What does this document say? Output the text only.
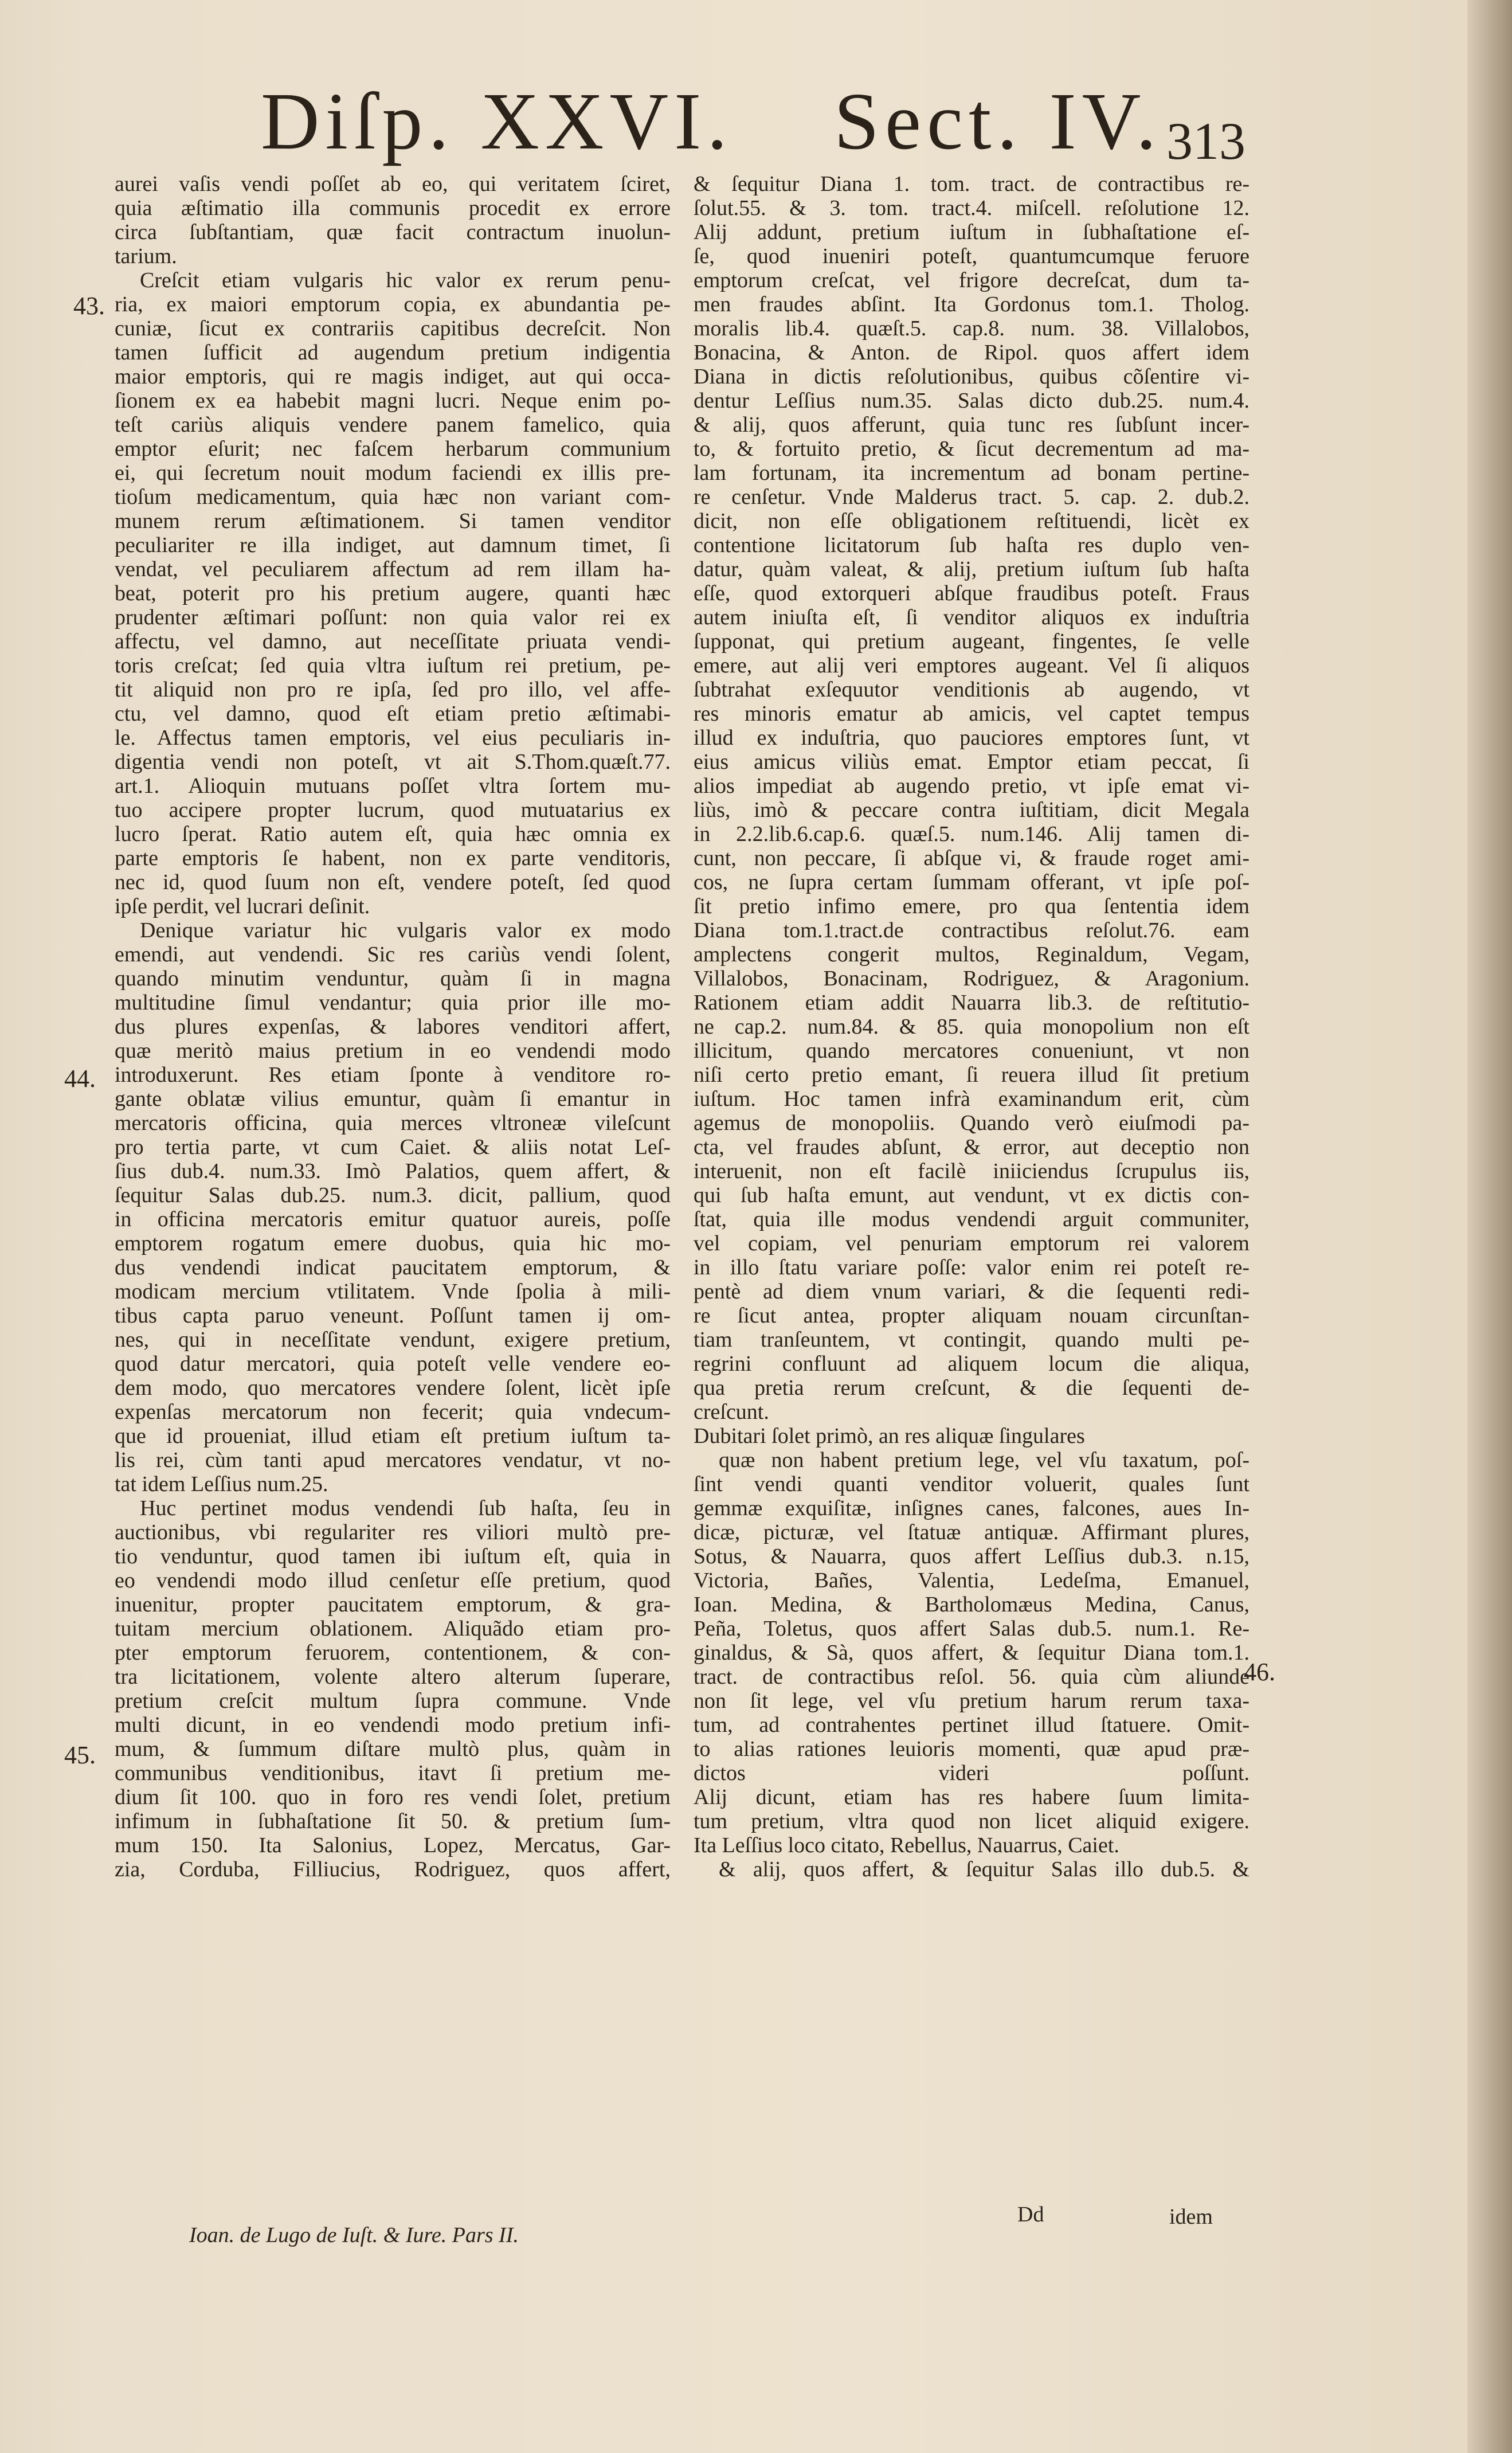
Diſp. XXVI. Sect. IV. 313
43.
44.
45.
46.
aurei vaſis vendi poſſet ab eo, qui veritatem ſciret,
quia æſtimatio illa communis procedit ex errore
circa ſubſtantiam, quæ facit contractum inuolun-
tarium.
Creſcit etiam vulgaris hic valor ex rerum penu-
ria, ex maiori emptorum copia, ex abundantia pe-
cuniæ, ſicut ex contrariis capitibus decreſcit. Non
tamen ſufficit ad augendum pretium indigentia
maior emptoris, qui re magis indiget, aut qui occa-
ſionem ex ea habebit magni lucri. Neque enim po-
teſt cariùs aliquis vendere panem famelico, quia
emptor eſurit; nec faſcem herbarum communium
ei, qui ſecretum nouit modum faciendi ex illis pre-
tioſum medicamentum, quia hæc non variant com-
munem rerum æſtimationem. Si tamen venditor
peculiariter re illa indiget, aut damnum timet, ſi
vendat, vel peculiarem affectum ad rem illam ha-
beat, poterit pro his pretium augere, quanti hæc
prudenter æſtimari poſſunt: non quia valor rei ex
affectu, vel damno, aut neceſſitate priuata vendi-
toris creſcat; ſed quia vltra iuſtum rei pretium, pe-
tit aliquid non pro re ipſa, ſed pro illo, vel affe-
ctu, vel damno, quod eſt etiam pretio æſtimabi-
le. Affectus tamen emptoris, vel eius peculiaris in-
digentia vendi non poteſt, vt ait S.Thom.quæſt.77.
art.1. Alioquin mutuans poſſet vltra ſortem mu-
tuo accipere propter lucrum, quod mutuatarius ex
lucro ſperat. Ratio autem eſt, quia hæc omnia ex
parte emptoris ſe habent, non ex parte venditoris,
nec id, quod ſuum non eſt, vendere poteſt, ſed quod
ipſe perdit, vel lucrari deſinit.
Denique variatur hic vulgaris valor ex modo
emendi, aut vendendi. Sic res cariùs vendi ſolent,
quando minutim venduntur, quàm ſi in magna
multitudine ſimul vendantur; quia prior ille mo-
dus plures expenſas, & labores venditori affert,
quæ meritò maius pretium in eo vendendi modo
introduxerunt. Res etiam ſponte à venditore ro-
gante oblatæ vilius emuntur, quàm ſi emantur in
mercatoris officina, quia merces vltroneæ vileſcunt
pro tertia parte, vt cum Caiet. & aliis notat Leſ-
ſius dub.4. num.33. Imò Palatios, quem affert, &
ſequitur Salas dub.25. num.3. dicit, pallium, quod
in officina mercatoris emitur quatuor aureis, poſſe
emptorem rogatum emere duobus, quia hic mo-
dus vendendi indicat paucitatem emptorum, &
modicam mercium vtilitatem. Vnde ſpolia à mili-
tibus capta paruo veneunt. Poſſunt tamen ij om-
nes, qui in neceſſitate vendunt, exigere pretium,
quod datur mercatori, quia poteſt velle vendere eo-
dem modo, quo mercatores vendere ſolent, licèt ipſe
expenſas mercatorum non fecerit; quia vndecum-
que id proueniat, illud etiam eſt pretium iuſtum ta-
lis rei, cùm tanti apud mercatores vendatur, vt no-
tat idem Leſſius num.25.
Huc pertinet modus vendendi ſub haſta, ſeu in
auctionibus, vbi regulariter res viliori multò pre-
tio venduntur, quod tamen ibi iuſtum eſt, quia in
eo vendendi modo illud cenſetur eſſe pretium, quod
inuenitur, propter paucitatem emptorum, & gra-
tuitam mercium oblationem. Aliquãdo etiam pro-
pter emptorum feruorem, contentionem, & con-
tra licitationem, volente altero alterum ſuperare,
pretium creſcit multum ſupra commune. Vnde
multi dicunt, in eo vendendi modo pretium infi-
mum, & ſummum diſtare multò plus, quàm in
communibus venditionibus, itavt ſi pretium me-
dium ſit 100. quo in foro res vendi ſolet, pretium
infimum in ſubhaſtatione ſit 50. & pretium ſum-
mum 150. Ita Salonius, Lopez, Mercatus, Gar-
zia, Corduba, Filliucius, Rodriguez, quos affert,
& ſequitur Diana 1. tom. tract. de contractibus re-
ſolut.55. & 3. tom. tract.4. miſcell. reſolutione 12.
Alij addunt, pretium iuſtum in ſubhaſtatione eſ-
ſe, quod inueniri poteſt, quantumcumque feruore
emptorum creſcat, vel frigore decreſcat, dum ta-
men fraudes abſint. Ita Gordonus tom.1. Tholog.
moralis lib.4. quæſt.5. cap.8. num. 38. Villalobos,
Bonacina, & Anton. de Ripol. quos affert idem
Diana in dictis reſolutionibus, quibus cõſentire vi-
dentur Leſſius num.35. Salas dicto dub.25. num.4.
& alij, quos afferunt, quia tunc res ſubſunt incer-
to, & fortuito pretio, & ſicut decrementum ad ma-
lam fortunam, ita incrementum ad bonam pertine-
re cenſetur. Vnde Malderus tract. 5. cap. 2. dub.2.
dicit, non eſſe obligationem reſtituendi, licèt ex
contentione licitatorum ſub haſta res duplo ven-
datur, quàm valeat, & alij, pretium iuſtum ſub haſta
eſſe, quod extorqueri abſque fraudibus poteſt. Fraus
autem iniuſta eſt, ſi venditor aliquos ex induſtria
ſupponat, qui pretium augeant, fingentes, ſe velle
emere, aut alij veri emptores augeant. Vel ſi aliquos
ſubtrahat exſequutor venditionis ab augendo, vt
res minoris ematur ab amicis, vel captet tempus
illud ex induſtria, quo pauciores emptores ſunt, vt
eius amicus viliùs emat. Emptor etiam peccat, ſi
alios impediat ab augendo pretio, vt ipſe emat vi-
liùs, imò & peccare contra iuſtitiam, dicit Megala
in 2.2.lib.6.cap.6. quæſ.5. num.146. Alij tamen di-
cunt, non peccare, ſi abſque vi, & fraude roget ami-
cos, ne ſupra certam ſummam offerant, vt ipſe poſ-
ſit pretio infimo emere, pro qua ſententia idem
Diana tom.1.tract.de contractibus reſolut.76. eam
amplectens congerit multos, Reginaldum, Vegam,
Villalobos, Bonacinam, Rodriguez, & Aragonium.
Rationem etiam addit Nauarra lib.3. de reſtitutio-
ne cap.2. num.84. & 85. quia monopolium non eſt
illicitum, quando mercatores conueniunt, vt non
niſi certo pretio emant, ſi reuera illud ſit pretium
iuſtum. Hoc tamen infrà examinandum erit, cùm
agemus de monopoliis. Quando verò eiuſmodi pa-
cta, vel fraudes abſunt, & error, aut deceptio non
interuenit, non eſt facilè iniiciendus ſcrupulus iis,
qui ſub haſta emunt, aut vendunt, vt ex dictis con-
ſtat, quia ille modus vendendi arguit communiter,
vel copiam, vel penuriam emptorum rei valorem
in illo ſtatu variare poſſe: valor enim rei poteſt re-
pentè ad diem vnum variari, & die ſequenti redi-
re ſicut antea, propter aliquam nouam circunſtan-
tiam tranſeuntem, vt contingit, quando multi pe-
regrini confluunt ad aliquem locum die aliqua,
qua pretia rerum creſcunt, & die ſequenti de-
creſcunt.
Dubitari ſolet primò, an res aliquæ ſingulares
quæ non habent pretium lege, vel vſu taxatum, poſ-
ſint vendi quanti venditor voluerit, quales ſunt
gemmæ exquiſitæ, inſignes canes, falcones, aues In-
dicæ, pictuɾæ, vel ſtatuæ antiquæ. Affirmant plures,
Sotus, & Nauarra, quos affert Leſſius dub.3. n.15,
Victoria, Bañes, Valentia, Ledeſma, Emanuel,
Ioan. Medina, & Bartholomæus Medina, Canus,
Peña, Toletus, quos affert Salas dub.5. num.1. Re-
ginaldus, & Sà, quos affert, & ſequitur Diana tom.1.
tract. de contractibus reſol. 56. quia cùm aliunde
non ſit lege, vel vſu pretium harum rerum taxa-
tum, ad contrahentes pertinet illud ſtatuere. Omit-
to alias rationes leuioris momenti, quæ apud præ-
dictos videri poſſunt.
Alij dicunt, etiam has res habere ſuum limita-
tum pretium, vltra quod non licet aliquid exigere.
Ita Leſſius loco citato, Rebellus, Nauarrus, Caiet.
& alij, quos affert, & ſequitur Salas illo dub.5. &
Ioan. de Lugo de Iuſt. & Iure. Pars II.
Dd	idem
